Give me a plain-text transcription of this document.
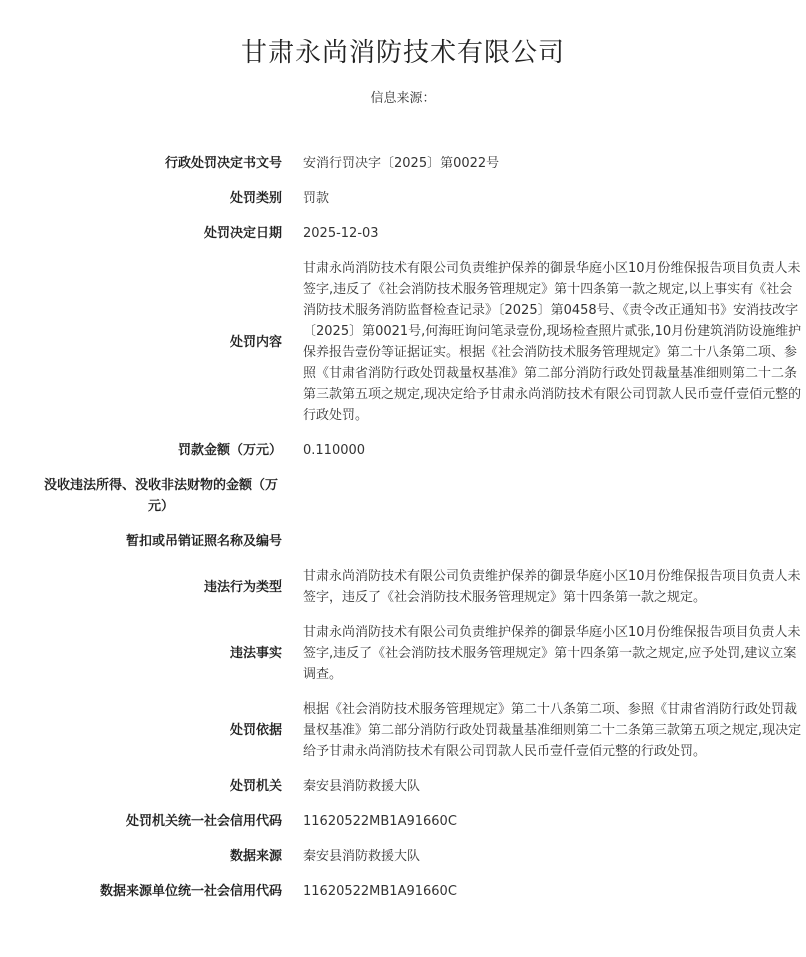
甘肃永尚消防技术有限公司
信息来源：
行政处罚决定书文号 安消行罚决字〔2025〕第0022号
处罚类别 罚款
处罚决定日期 2025-12-03
处罚内容
甘肃永尚消防技术有限公司负责维护保养的御景华庭小区10月份维保报告项目负责人未签字,违反了《社会消防技术服务管理规定》第十四条第一款之规定,以上事实有《社会消防技术服务消防监督检查记录》〔2025〕第0458号、《责令改正通知书》安消技改字〔2025〕第0021号,何海旺询问笔录壹份,现场检查照片贰张,10月份建筑消防设施维护保养报告壹份等证据证实。根据《社会消防技术服务管理规定》第二十八条第二项、参照《甘肃省消防行政处罚裁量权基准》第二部分消防行政处罚裁量基准细则第二十二条第三款第五项之规定,现决定给予甘肃永尚消防技术有限公司罚款人民币壹仟壹佰元整的行政处罚。
罚款金额（万元） 0.110000
没收违法所得、没收非法财物的金额（万元）
暂扣或吊销证照名称及编号
违法行为类型
甘肃永尚消防技术有限公司负责维护保养的御景华庭小区10月份维保报告项目负责人未签字，违反了《社会消防技术服务管理规定》第十四条第一款之规定。
违法事实
甘肃永尚消防技术有限公司负责维护保养的御景华庭小区10月份维保报告项目负责人未签字,违反了《社会消防技术服务管理规定》第十四条第一款之规定,应予处罚,建议立案调查。
处罚依据
根据《社会消防技术服务管理规定》第二十八条第二项、参照《甘肃省消防行政处罚裁量权基准》第二部分消防行政处罚裁量基准细则第二十二条第三款第五项之规定,现决定给予甘肃永尚消防技术有限公司罚款人民币壹仟壹佰元整的行政处罚。
处罚机关 秦安县消防救援大队
处罚机关统一社会信用代码 11620522MB1A91660C
数据来源 秦安县消防救援大队
数据来源单位统一社会信用代码 11620522MB1A91660C
